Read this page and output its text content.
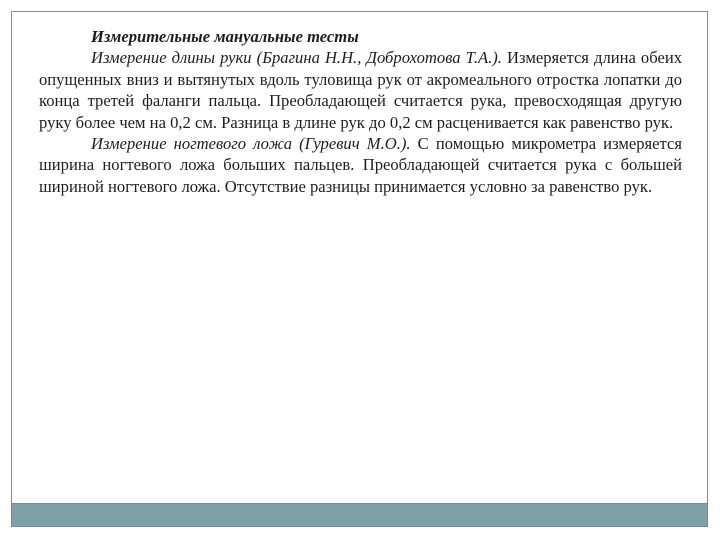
Измерительные мануальные тесты

Измерение длины руки (Брагина Н.Н., Доброхотова Т.А.). Измеряется длина обеих опущенных вниз и вытянутых вдоль туловища рук от акромеального отростка лопатки до конца третей фаланги пальца. Преобладающей считается рука, превосходящая другую руку более чем на 0,2 см. Разница в длине рук до 0,2 см расценивается как равенство рук.

Измерение ногтевого ложа (Гуревич М.О.). С помощью микрометра измеряется ширина ногтевого ложа больших пальцев. Преобладающей считается рука с большей шириной ногтевого ложа. Отсутствие разницы принимается условно за равенство рук.
